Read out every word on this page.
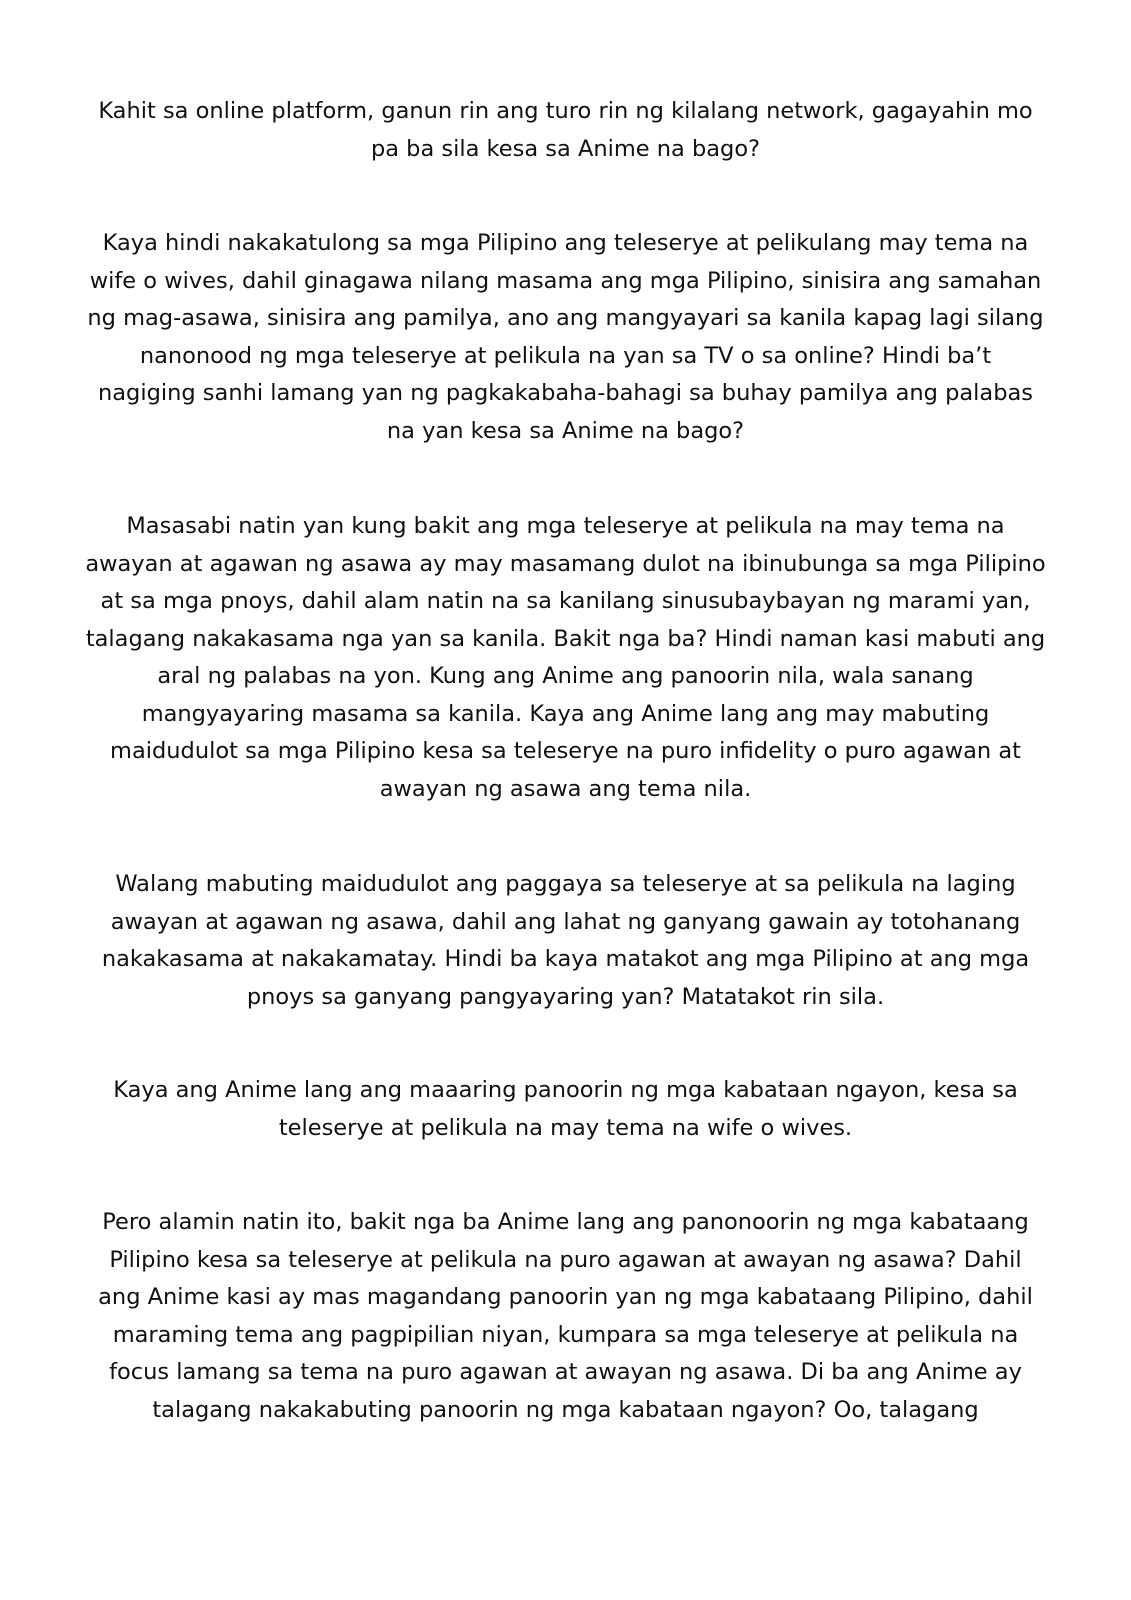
Kahit sa online platform, ganun rin ang turo rin ng kilalang network, gagayahin mo
pa ba sila kesa sa Anime na bago?

Kaya hindi nakakatulong sa mga Pilipino ang teleserye at pelikulang may tema na
wife o wives, dahil ginagawa nilang masama ang mga Pilipino, sinisira ang samahan
ng mag-asawa, sinisira ang pamilya, ano ang mangyayari sa kanila kapag lagi silang
nanonood ng mga teleserye at pelikula na yan sa TV o sa online? Hindi ba’t
nagiging sanhi lamang yan ng pagkakabaha-bahagi sa buhay pamilya ang palabas
na yan kesa sa Anime na bago?

Masasabi natin yan kung bakit ang mga teleserye at pelikula na may tema na
awayan at agawan ng asawa ay may masamang dulot na ibinubunga sa mga Pilipino
at sa mga pnoys, dahil alam natin na sa kanilang sinusubaybayan ng marami yan,
talagang nakakasama nga yan sa kanila. Bakit nga ba? Hindi naman kasi mabuti ang
aral ng palabas na yon. Kung ang Anime ang panoorin nila, wala sanang
mangyayaring masama sa kanila. Kaya ang Anime lang ang may mabuting
maidudulot sa mga Pilipino kesa sa teleserye na puro infidelity o puro agawan at
awayan ng asawa ang tema nila.

Walang mabuting maidudulot ang paggaya sa teleserye at sa pelikula na laging
awayan at agawan ng asawa, dahil ang lahat ng ganyang gawain ay totohanang
nakakasama at nakakamatay. Hindi ba kaya matakot ang mga Pilipino at ang mga
pnoys sa ganyang pangyayaring yan? Matatakot rin sila.

Kaya ang Anime lang ang maaaring panoorin ng mga kabataan ngayon, kesa sa
teleserye at pelikula na may tema na wife o wives.

Pero alamin natin ito, bakit nga ba Anime lang ang panonoorin ng mga kabataang
Pilipino kesa sa teleserye at pelikula na puro agawan at awayan ng asawa? Dahil
ang Anime kasi ay mas magandang panoorin yan ng mga kabataang Pilipino, dahil
maraming tema ang pagpipilian niyan, kumpara sa mga teleserye at pelikula na
focus lamang sa tema na puro agawan at awayan ng asawa. Di ba ang Anime ay
talagang nakakabuting panoorin ng mga kabataan ngayon? Oo, talagang
